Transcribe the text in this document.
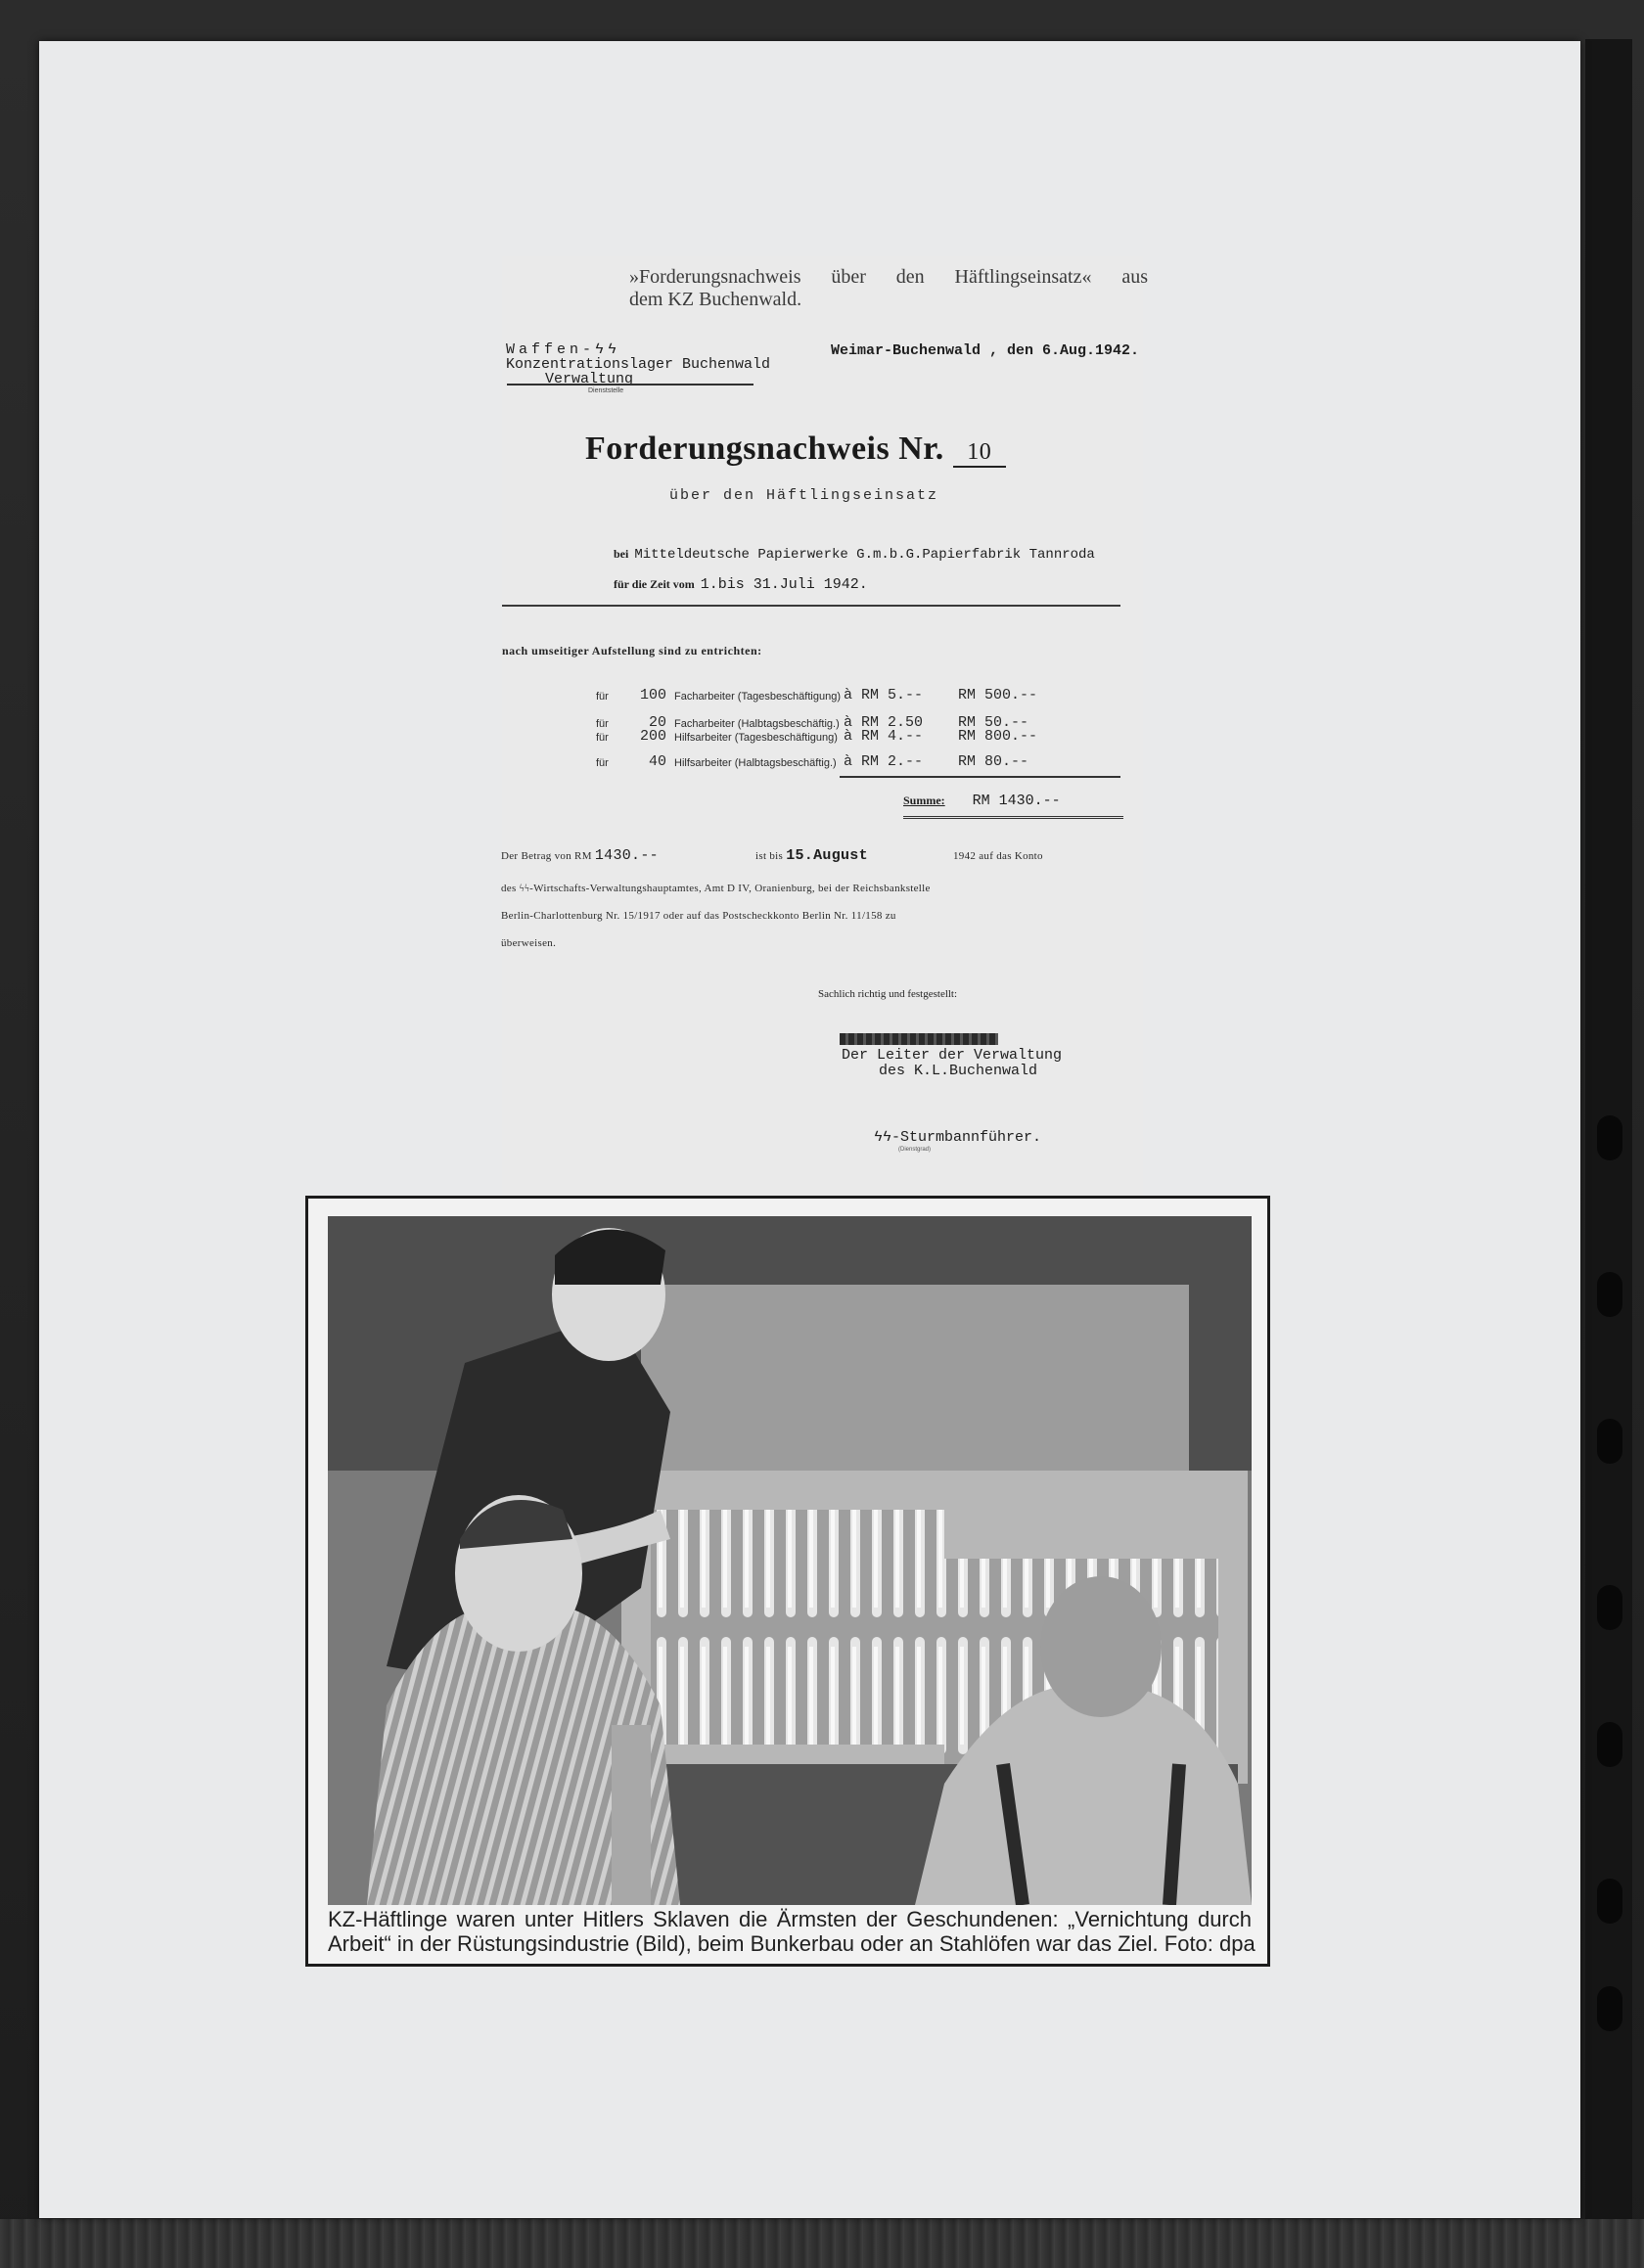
»Forderungsnachweis über den Häftlingseinsatz« aus
dem KZ Buchenwald.
Waffen-ϟϟ
Konzentrationslager Buchenwald
Verwaltung
Dienststelle
Weimar-Buchenwald , den 6.Aug.1942.
Forderungsnachweis Nr. 10
über den Häftlingseinsatz
bei Mitteldeutsche Papierwerke G.m.b.G.Papierfabrik Tannroda
für die Zeit vom 1.bis 31.Juli 1942.
nach umseitiger Aufstellung sind zu entrichten:
für	100 Facharbeiter (Tagesbeschäftigung) à RM 5.-- RM 500.--
für	20 Facharbeiter (Halbtagsbeschäftig.) à RM 2.50 RM 50.--
für	200 Hilfsarbeiter (Tagesbeschäftigung) à RM 4.-- RM 800.--
für	40 Hilfsarbeiter (Halbtagsbeschäftig.) à RM 2.-- RM 80.--
Summe: RM 1430.--
Der Betrag von RM 1430.--	ist bis 15.August	1942 auf das Konto
des ϟϟ-Wirtschafts-Verwaltungshauptamtes, Amt D IV, Oranienburg, bei der Reichsbankstelle
Berlin-Charlottenburg Nr. 15/1917 oder auf das Postscheckkonto Berlin Nr. 11/158 zu
überweisen.
Sachlich richtig und festgestellt:
Der Leiter der Verwaltung
des K.L.Buchenwald
ϟϟ-Sturmbannführer.
(Dienstgrad)
KZ-Häftlinge waren unter Hitlers Sklaven die Ärmsten der Geschundenen: „Vernichtung durch
Arbeit“ in der Rüstungsindustrie (Bild), beim Bunkerbau oder an Stahlöfen war das Ziel. Foto: dpa
